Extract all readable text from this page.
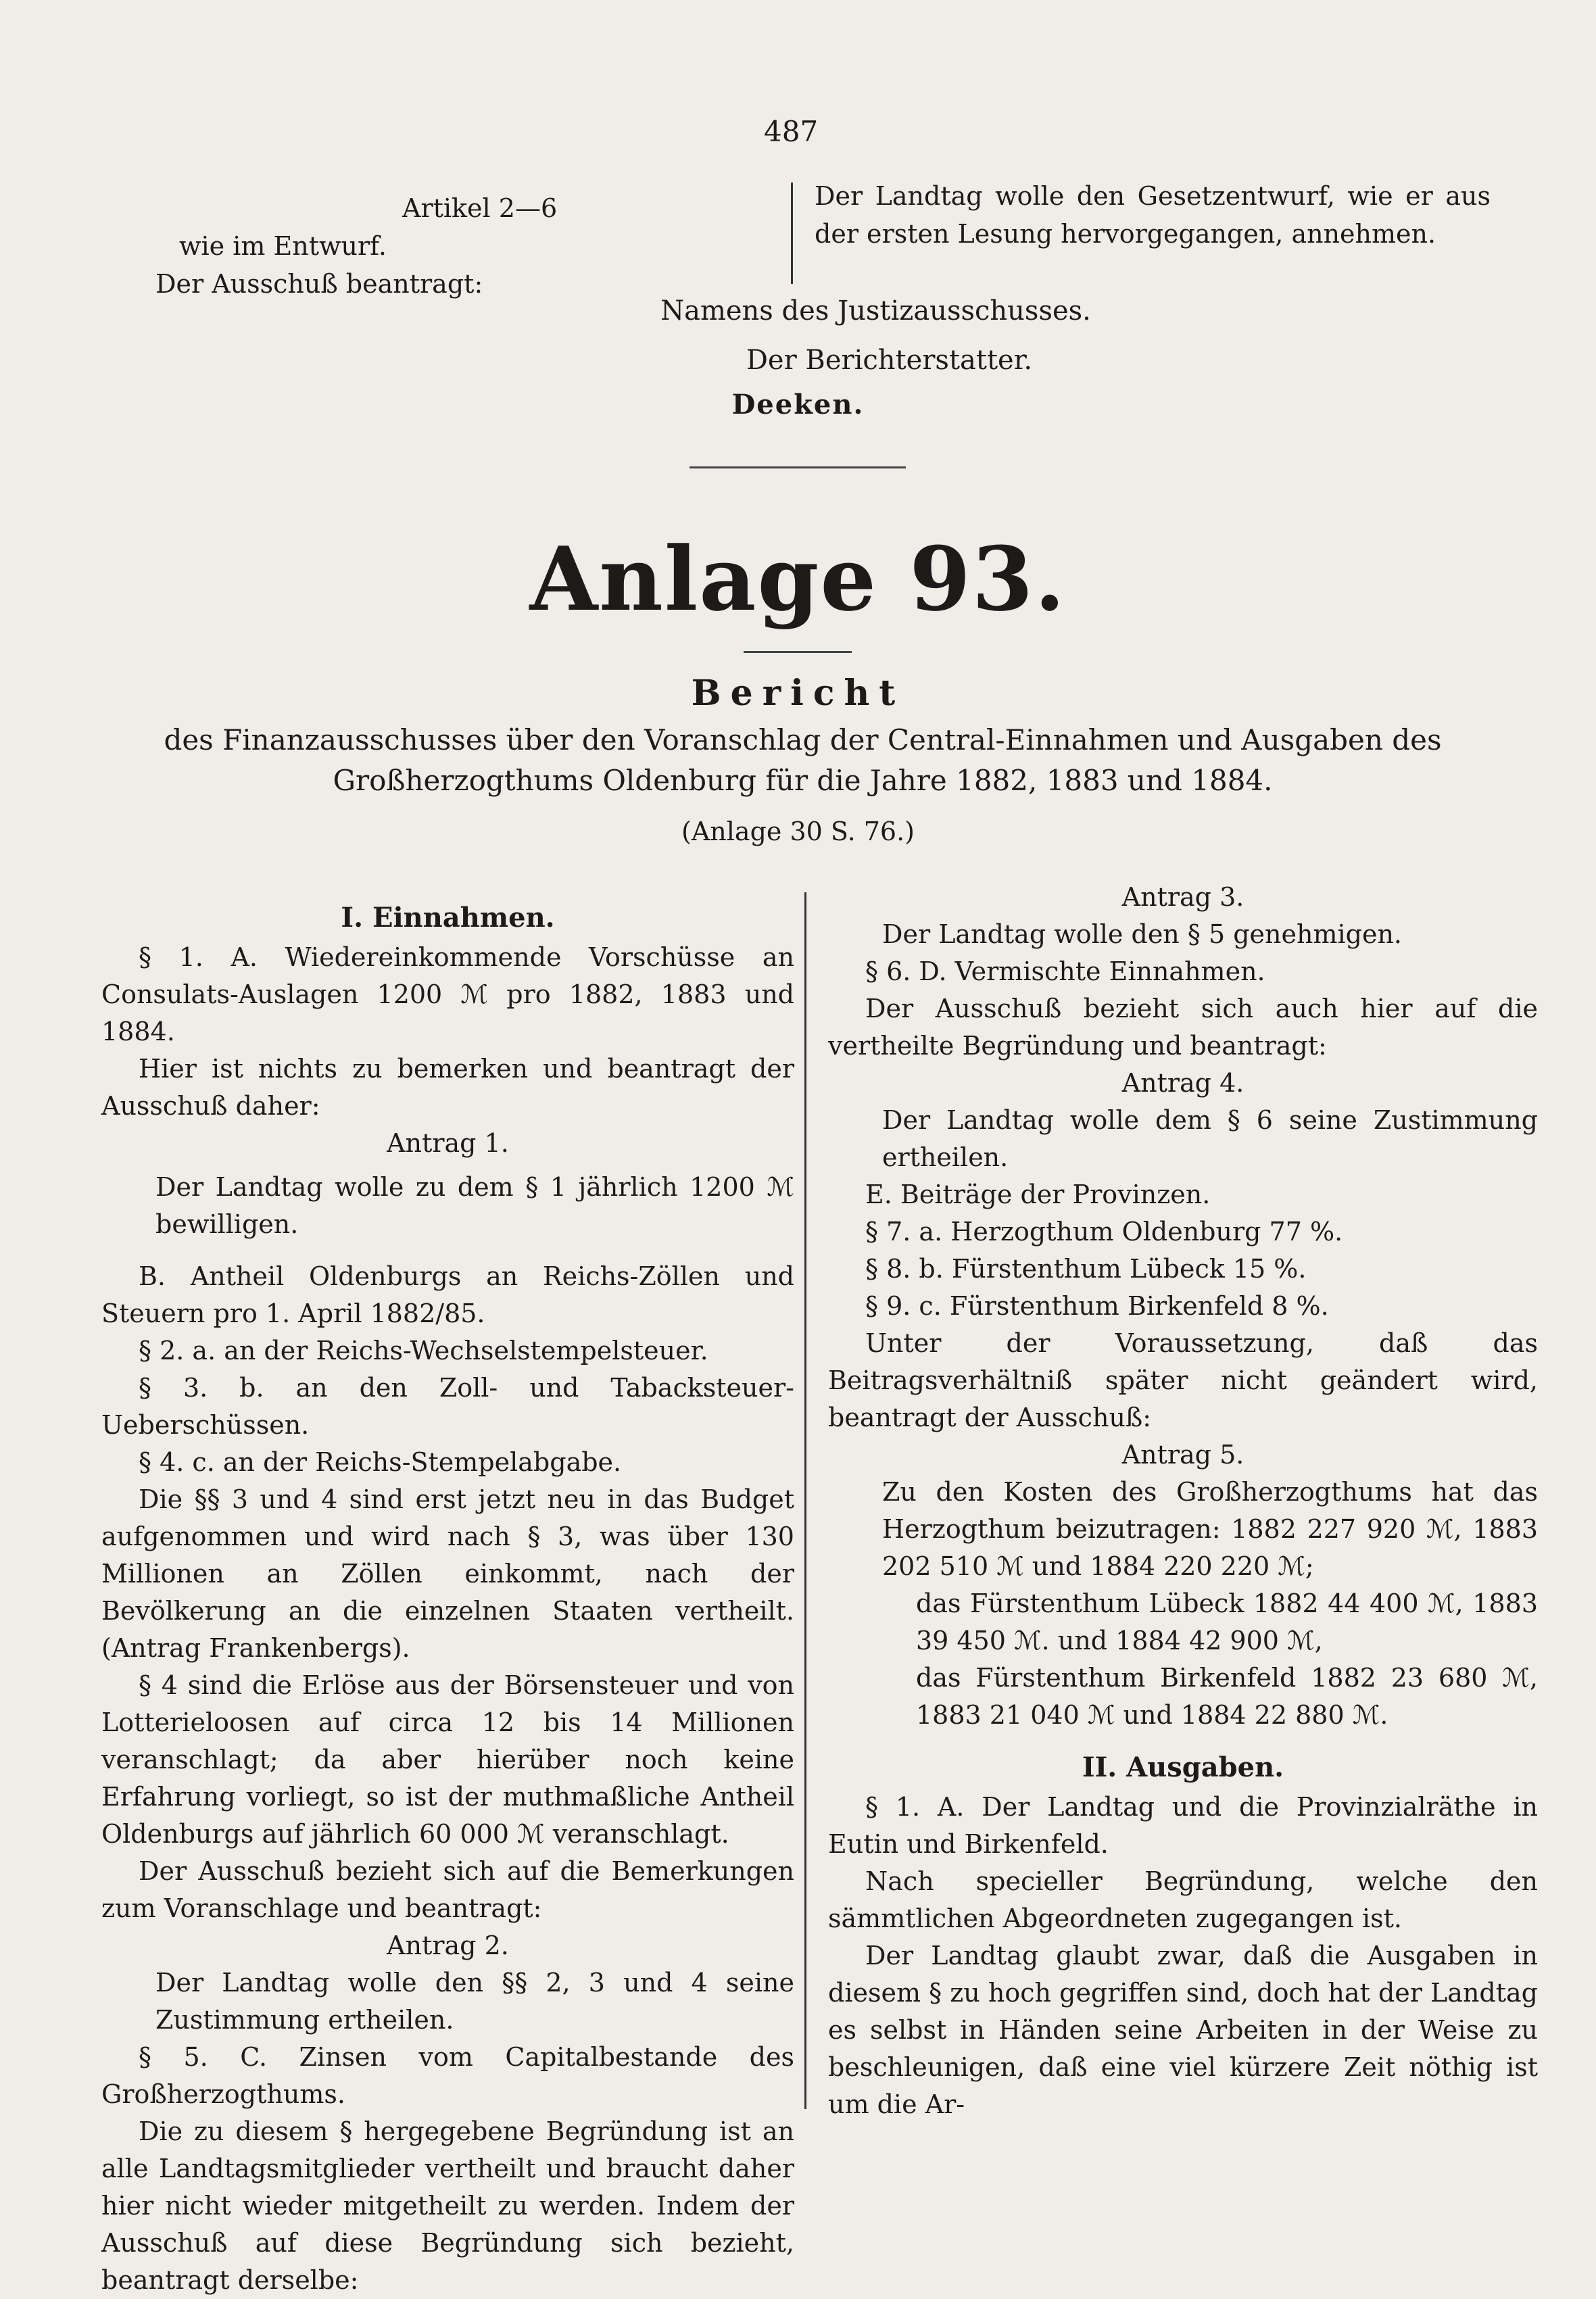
487
Artikel 2—6
wie im Entwurf.
Der Ausschuß beantragt:
Der Landtag wolle den Gesetzentwurf, wie er aus der ersten Lesung hervorgegangen, annehmen.
Namens des Justizausschusses.
Der Berichterstatter.
Deeken.
Anlage 93.
Bericht
des Finanzausschusses über den Voranschlag der Central-Einnahmen und Ausgaben des Großherzogthums Oldenburg für die Jahre 1882, 1883 und 1884.
(Anlage 30 S. 76.)
I. Einnahmen.

§ 1. A. Wiedereinkommende Vorschüsse an Consulats-Auslagen 1200 ℳ pro 1882, 1883 und 1884.

Hier ist nichts zu bemerken und beantragt der Ausschuß daher:

Antrag 1.

Der Landtag wolle zu dem § 1 jährlich 1200 ℳ bewilligen.

B. Antheil Oldenburgs an Reichs-Zöllen und Steuern pro 1. April 1882/85.

§ 2. a. an der Reichs-Wechselstempelsteuer.

§ 3. b. an den Zoll- und Tabacksteuer-Ueberschüssen.

§ 4. c. an der Reichs-Stempelabgabe.

Die §§ 3 und 4 sind erst jetzt neu in das Budget aufgenommen und wird nach § 3, was über 130 Millionen an Zöllen einkommt, nach der Bevölkerung an die einzelnen Staaten vertheilt. (Antrag Frankenbergs).

§ 4 sind die Erlöse aus der Börsensteuer und von Lotterieloosen auf circa 12 bis 14 Millionen veranschlagt; da aber hierüber noch keine Erfahrung vorliegt, so ist der muthmaßliche Antheil Oldenburgs auf jährlich 60 000 ℳ veranschlagt.

Der Ausschuß bezieht sich auf die Bemerkungen zum Voranschlage und beantragt:

Antrag 2.

Der Landtag wolle den §§ 2, 3 und 4 seine Zustimmung ertheilen.

§ 5. C. Zinsen vom Capitalbestande des Großherzogthums.

Die zu diesem § hergegebene Begründung ist an alle Landtagsmitglieder vertheilt und braucht daher hier nicht wieder mitgetheilt zu werden. Indem der Ausschuß auf diese Begründung sich bezieht, beantragt derselbe:

Antrag 3.

Der Landtag wolle den § 5 genehmigen.

§ 6. D. Vermischte Einnahmen.

Der Ausschuß bezieht sich auch hier auf die vertheilte Begründung und beantragt:

Antrag 4.

Der Landtag wolle dem § 6 seine Zustimmung ertheilen.

E. Beiträge der Provinzen.

§ 7. a. Herzogthum Oldenburg 77 %.

§ 8. b. Fürstenthum Lübeck 15 %.

§ 9. c. Fürstenthum Birkenfeld 8 %.

Unter der Voraussetzung, daß das Beitragsverhältniß später nicht geändert wird, beantragt der Ausschuß:

Antrag 5.

Zu den Kosten des Großherzogthums hat das Herzogthum beizutragen: 1882 227 920 ℳ, 1883 202 510 ℳ und 1884 220 220 ℳ;

das Fürstenthum Lübeck 1882 44 400 ℳ, 1883 39 450 ℳ. und 1884 42 900 ℳ,

das Fürstenthum Birkenfeld 1882 23 680 ℳ, 1883 21 040 ℳ und 1884 22 880 ℳ.

II. Ausgaben.

§ 1. A. Der Landtag und die Provinzialräthe in Eutin und Birkenfeld.

Nach specieller Begründung, welche den sämmtlichen Abgeordneten zugegangen ist.

Der Landtag glaubt zwar, daß die Ausgaben in diesem § zu hoch gegriffen sind, doch hat der Landtag es selbst in Händen seine Arbeiten in der Weise zu beschleunigen, daß eine viel kürzere Zeit nöthig ist um die Ar-
